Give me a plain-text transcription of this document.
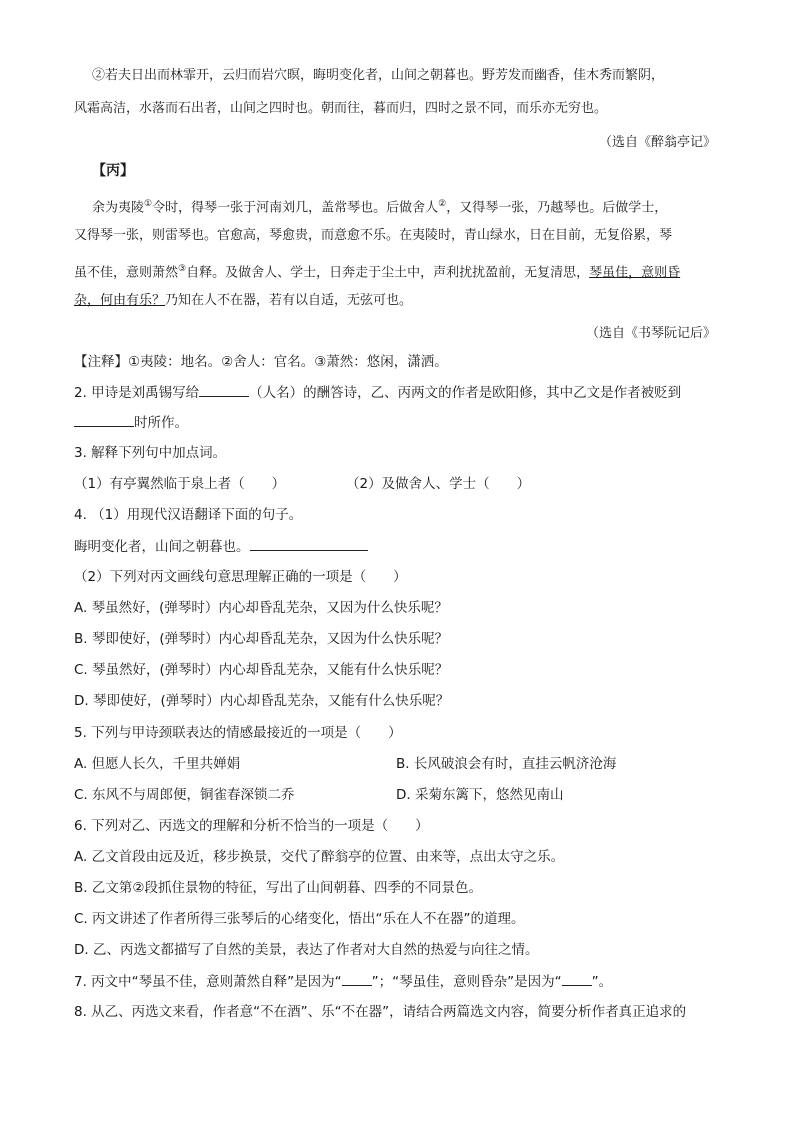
②若夫日出而林霏开，云归而岩穴暝，晦明变化者，山间之朝暮也。野芳发而幽香，佳木秀而繁阴，
风霜高洁，水落而石出者，山间之四时也。朝而往，暮而归，四时之景不同，而乐亦无穷也。
（选自《醉翁亭记》
【丙】
余为夷陵①令时，得琴一张于河南刘几，盖常琴也。后做舍人②，又得琴一张，乃越琴也。后做学士，
又得琴一张，则雷琴也。官愈高，琴愈贵，而意愈不乐。在夷陵时，青山绿水，日在目前，无复俗累，琴
虽不佳，意则萧然③自释。及做舍人、学士，日奔走于尘土中，声利扰扰盈前，无复清思，琴虽佳，意则昏
杂，何由有乐？乃知在人不在器，若有以自适，无弦可也。
（选自《书琴阮记后》
【注释】①夷陵：地名。②舍人：官名。③萧然：悠闲，潇洒。
2. 甲诗是刘禹锡写给	（人名）的酬答诗，乙、丙两文的作者是欧阳修，其中乙文是作者被贬到
时所作。
3. 解释下列句中加点词。
（1）有亭翼然临于泉上者（　　）	（2）及做舍人、学士（　　）
4. （1）用现代汉语翻译下面的句子。
晦明变化者，山间之朝暮也。
（2）下列对丙文画线句意思理解正确的一项是（　　）
A. 琴虽然好，(弹琴时）内心却昏乱芜杂，又因为什么快乐呢？
B. 琴即使好，(弹琴时）内心却昏乱芜杂，又因为什么快乐呢？
C. 琴虽然好，(弹琴时）内心却昏乱芜杂，又能有什么快乐呢？
D. 琴即使好，(弹琴时）内心却昏乱芜杂，又能有什么快乐呢？
5. 下列与甲诗颈联表达的情感最接近的一项是（　　）
A. 但愿人长久，千里共婵娟	B. 长风破浪会有时，直挂云帆济沧海
C. 东风不与周郎便，铜雀春深锁二乔	D. 采菊东篱下，悠然见南山
6. 下列对乙、丙选文的理解和分析不恰当的一项是（　　）
A. 乙文首段由远及近，移步换景，交代了醉翁亭的位置、由来等，点出太守之乐。
B. 乙文第②段抓住景物的特征，写出了山间朝暮、四季的不同景色。
C. 丙文讲述了作者所得三张琴后的心绪变化，悟出“乐在人不在器”的道理。
D. 乙、丙选文都描写了自然的美景，表达了作者对大自然的热爱与向往之情。
7. 丙文中“琴虽不佳，意则萧然自释”是因为“ ”；“琴虽佳，意则昏杂”是因为“ ”。
8. 从乙、丙选文来看，作者意“不在酒”、乐“不在器”，请结合两篇选文内容，简要分析作者真正追求的
